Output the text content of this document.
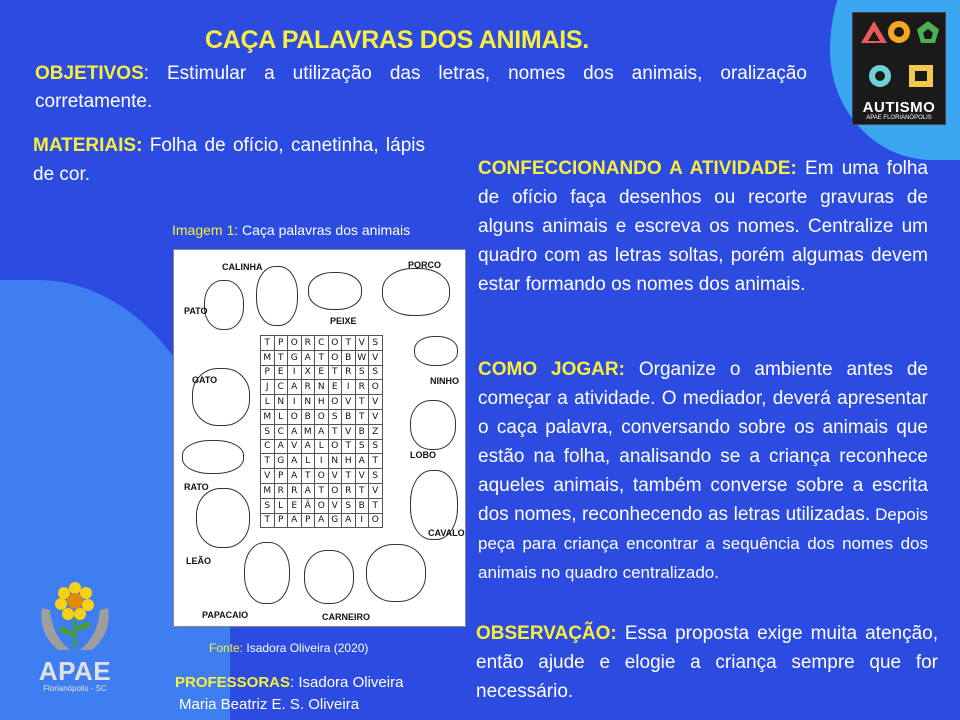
AUTISMO
APAE FLORIANÓPOLIS
CAÇA PALAVRAS DOS ANIMAIS.
OBJETIVOS: Estimular a utilização das letras, nomes dos animais, oralização corretamente.
MATERIAIS: Folha de ofício, canetinha, lápis de cor.	CONFECCIONANDO A ATIVIDADE: Em uma folha de ofício faça desenhos ou recorte gravuras de alguns animais e escreva os nomes. Centralize um quadro com as letras soltas, porém algumas devem estar formando os nomes dos animais.
COMO JOGAR: Organize o ambiente antes de começar a atividade. O mediador, deverá apresentar o caça palavra, conversando sobre os animais que estão na folha, analisando se a criança reconhece aqueles animais, também converse sobre a escrita dos nomes, reconhecendo as letras utilizadas. Depois peça para criança encontrar a sequência dos nomes dos animais no quadro centralizado.
OBSERVAÇÃO: Essa proposta exige muita atenção, então ajude e elogie a criança sempre que for necessário.
Imagem 1: Caça palavras dos animais
CALINHA	PORCO
PATO
PEIXE
GATO	NINHO
LOBO
RATO
CAVALO
LEÃO
PAPACAIO	CARNEIRO
T	P	O	R	C	O	T	V	S
M	T	G	A	T	O	B	W	V
P	E	I	X	E	T	R	S	S
J	C	A	R	N	E	I	R	O
L	N	I	N	H	O	V	T	V
M	L	O	B	O	S	B	T	V
S	C	A	M	A	T	V	B	Z
C	A	V	A	L	O	T	S	S
T	G	A	L	I	N	H	A	T
V	P	A	T	O	V	T	V	S
M	R	R	A	T	O	R	T	V
S	L	E	Ã	O	V	S	B	T
T	P	A	P	A	G	A	I	O
Fonte: Isadora Oliveira (2020)
PROFESSORAS: Isadora Oliveira
Maria Beatriz E. S. Oliveira
APAE
Florianópolis - SC
